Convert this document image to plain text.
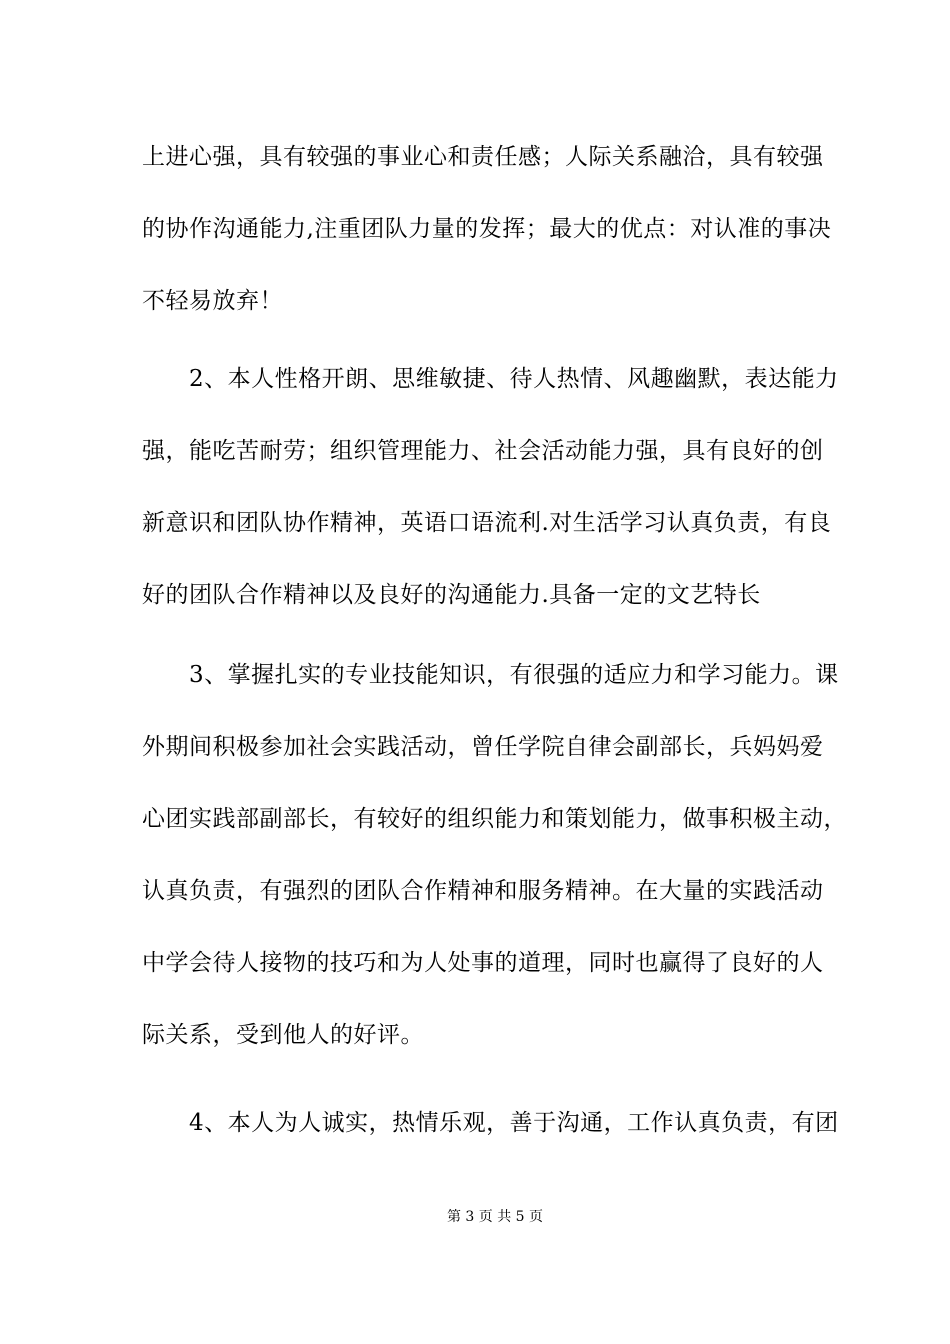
上进心强，具有较强的事业心和责任感；人际关系融洽，具有较强
的协作沟通能力,注重团队力量的发挥；最大的优点：对认准的事决
不轻易放弃！
　　2、本人性格开朗、思维敏捷、待人热情、风趣幽默，表达能力
强，能吃苦耐劳；组织管理能力、社会活动能力强，具有良好的创
新意识和团队协作精神，英语口语流利.对生活学习认真负责，有良
好的团队合作精神以及良好的沟通能力.具备一定的文艺特长
　　3、掌握扎实的专业技能知识，有很强的适应力和学习能力。课
外期间积极参加社会实践活动，曾任学院自律会副部长，兵妈妈爱
心团实践部副部长，有较好的组织能力和策划能力，做事积极主动，
认真负责，有强烈的团队合作精神和服务精神。在大量的实践活动
中学会待人接物的技巧和为人处事的道理，同时也赢得了良好的人
际关系，受到他人的好评。
　　4、本人为人诚实，热情乐观，善于沟通，工作认真负责，有团
第 3 页 共 5 页
